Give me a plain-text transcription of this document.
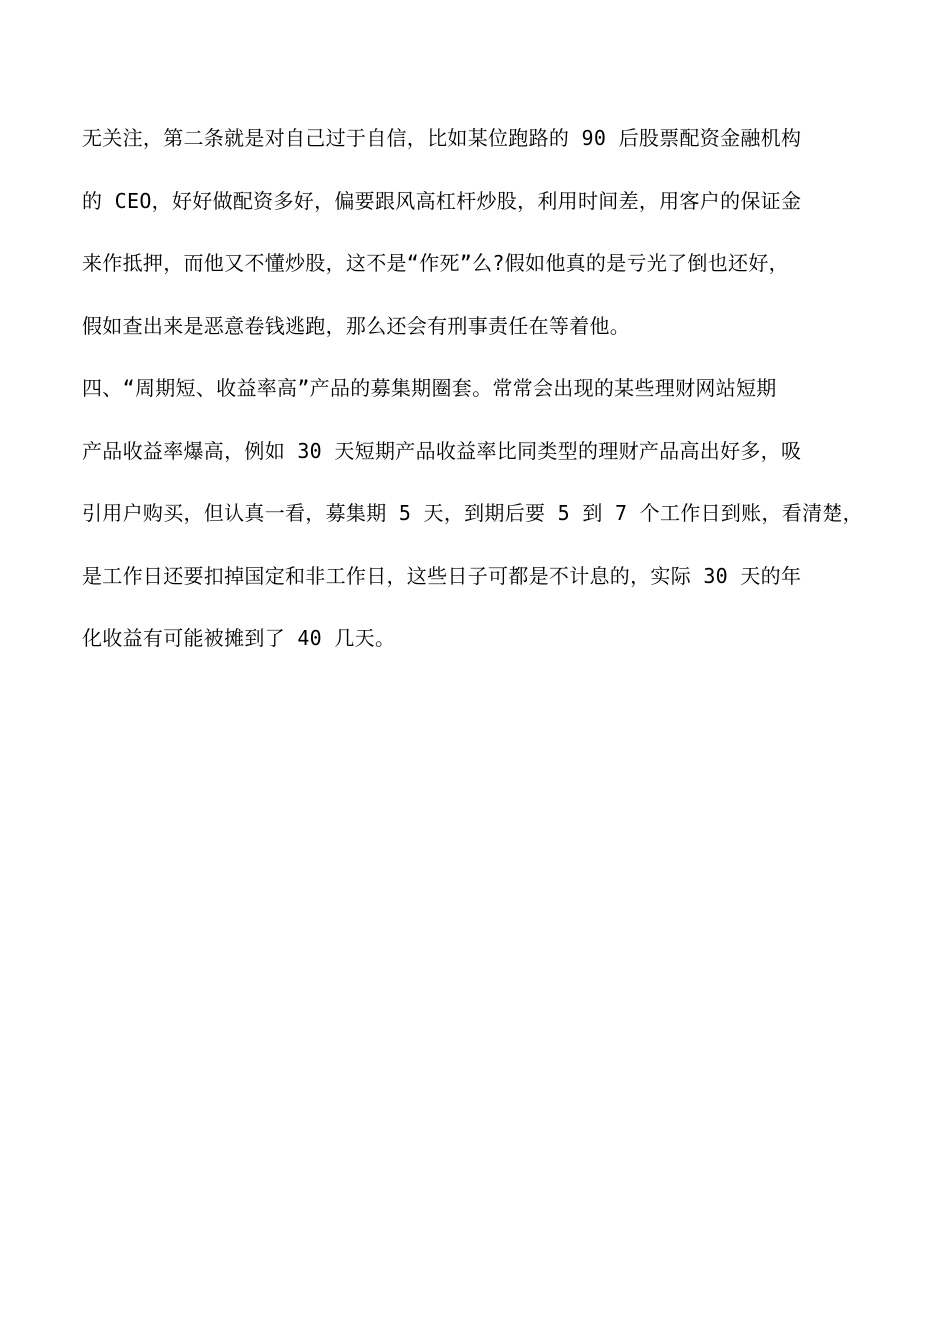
无关注，第二条就是对自己过于自信，比如某位跑路的 90 后股票配资金融机构
的 CEO，好好做配资多好，偏要跟风高杠杆炒股，利用时间差，用客户的保证金
来作抵押，而他又不懂炒股，这不是“作死”么?假如他真的是亏光了倒也还好，
假如查出来是恶意卷钱逃跑，那么还会有刑事责任在等着他。
四、“周期短、收益率高”产品的募集期圈套。常常会出现的某些理财网站短期
产品收益率爆高，例如 30 天短期产品收益率比同类型的理财产品高出好多，吸
引用户购买，但认真一看，募集期 5 天，到期后要 5 到 7 个工作日到账，看清楚，
是工作日还要扣掉国定和非工作日，这些日子可都是不计息的，实际 30 天的年
化收益有可能被摊到了 40 几天。
